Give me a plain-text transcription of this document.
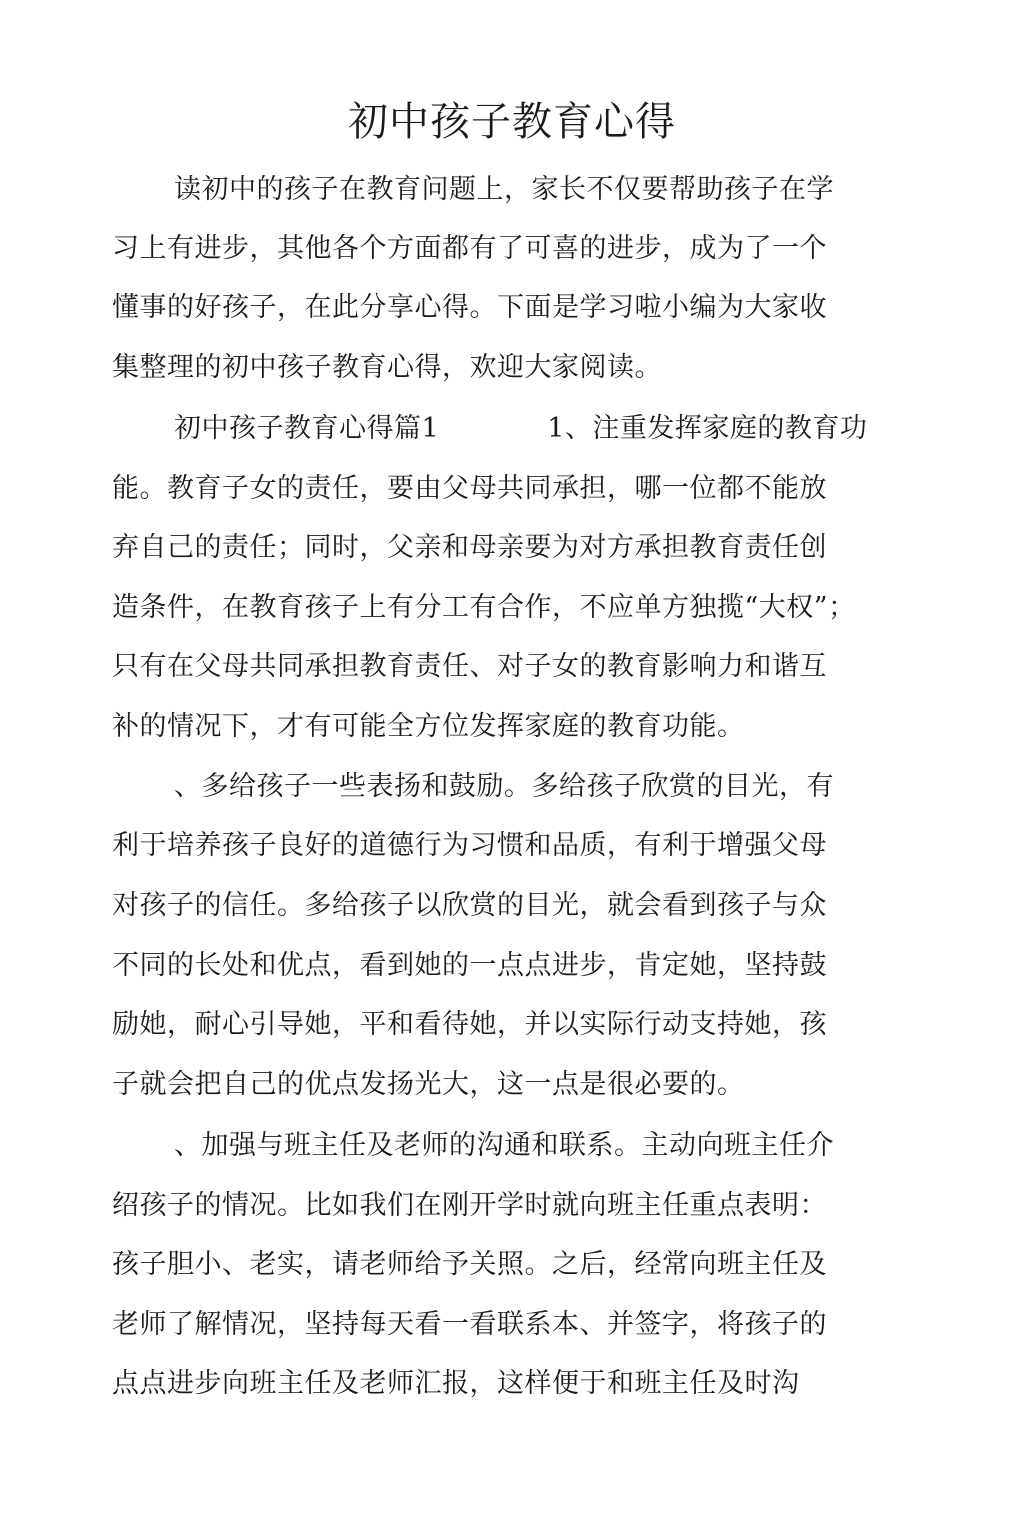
初中孩子教育心得
读初中的孩子在教育问题上，家长不仅要帮助孩子在学
习上有进步，其他各个方面都有了可喜的进步，成为了一个
懂事的好孩子，在此分享心得。下面是学习啦小编为大家收
集整理的初中孩子教育心得，欢迎大家阅读。
初中孩子教育心得篇1	1、注重发挥家庭的教育功
能。教育子女的责任，要由父母共同承担，哪一位都不能放
弃自己的责任；同时，父亲和母亲要为对方承担教育责任创
造条件，在教育孩子上有分工有合作，不应单方独揽“大权”；
只有在父母共同承担教育责任、对子女的教育影响力和谐互
补的情况下，才有可能全方位发挥家庭的教育功能。
、多给孩子一些表扬和鼓励。多给孩子欣赏的目光，有
利于培养孩子良好的道德行为习惯和品质，有利于增强父母
对孩子的信任。多给孩子以欣赏的目光，就会看到孩子与众
不同的长处和优点，看到她的一点点进步，肯定她，坚持鼓
励她，耐心引导她，平和看待她，并以实际行动支持她，孩
子就会把自己的优点发扬光大，这一点是很必要的。
、加强与班主任及老师的沟通和联系。主动向班主任介
绍孩子的情况。比如我们在刚开学时就向班主任重点表明：
孩子胆小、老实，请老师给予关照。之后，经常向班主任及
老师了解情况，坚持每天看一看联系本、并签字，将孩子的
点点进步向班主任及老师汇报，这样便于和班主任及时沟
